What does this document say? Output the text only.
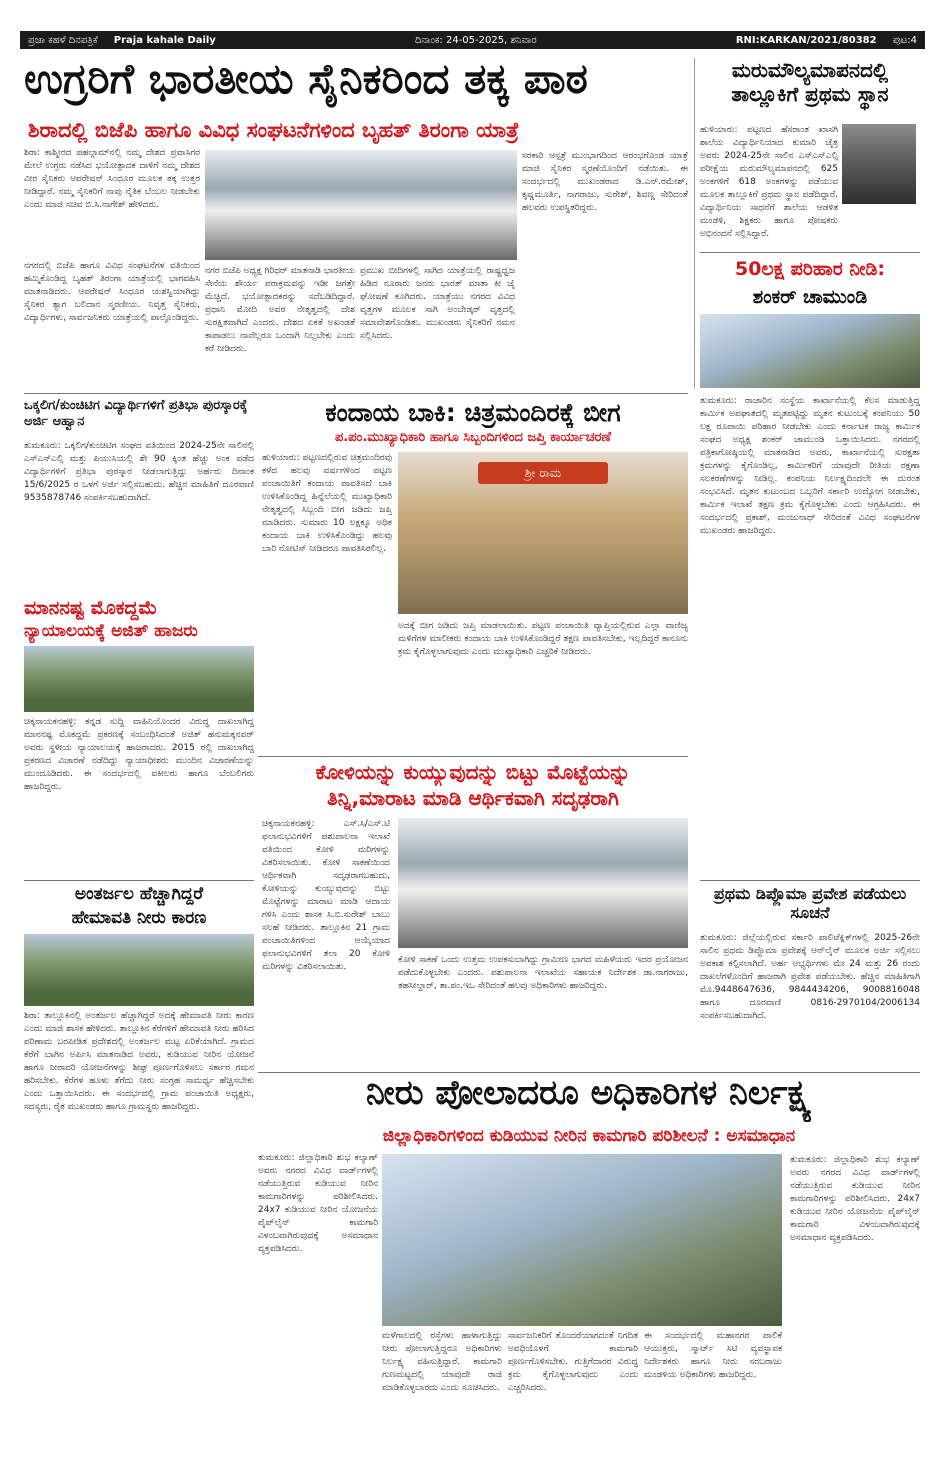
ಪ್ರಜಾ ಕಹಳೆ ದಿನಪತ್ರಿಕೆ	Praja kahale Daily	ದಿನಾಂಕ: 24-05-2025, ಶನಿವಾರ	RNI:KARKAN/2021/80382	ಪುಟ:4
ಉಗ್ರರಿಗೆ ಭಾರತೀಯ ಸೈನಿಕರಿಂದ ತಕ್ಕ ಪಾಠ
ಶಿರಾದಲ್ಲಿ ಬಿಜೆಪಿ ಹಾಗೂ ವಿವಿಧ ಸಂಘಟನೆಗಳಿಂದ ಬೃಹತ್ ತಿರಂಗಾ ಯಾತ್ರೆ
ಶಿರಾ: ಕಾಶ್ಮೀರದ ಪಹಲ್ಗಾಮ್‌ನಲ್ಲಿ ನಮ್ಮ ದೇಶದ ಪ್ರವಾಸಿಗರ ಮೇಲೆ ಉಗ್ರರು ನಡೆಸಿದ ಭಯೋತ್ಪಾದಕ ದಾಳಿಗೆ ನಮ್ಮ ದೇಶದ ವೀರ ಸೈನಿಕರು ಆಪರೇಷನ್ ಸಿಂಧೂರ ಮೂಲಕ ತಕ್ಕ ಉತ್ತರ ನೀಡಿದ್ದಾರೆ. ನಮ್ಮ ಸೈನಿಕರಿಗೆ ನಾವು ನೈತಿಕ ಬೆಂಬಲ ನೀಡಬೇಕು ಎಂದು ಮಾಜಿ ಸಚಿವ ಬಿ.ಸಿ.ನಾಗೇಶ್ ಹೇಳಿದರು.
ನಗರದಲ್ಲಿ ಬಿಜೆಪಿ ಹಾಗೂ ವಿವಿಧ ಸಂಘಟನೆಗಳ ವತಿಯಿಂದ ಹಮ್ಮಿಕೊಂಡಿದ್ದ ಬೃಹತ್ ತಿರಂಗಾ ಯಾತ್ರೆಯಲ್ಲಿ ಭಾಗವಹಿಸಿ ಮಾತನಾಡಿದರು. ಆಪರೇಷನ್ ಸಿಂಧೂರ ಯಶಸ್ವಿಯಾಗಿದ್ದು ಸೈನಿಕರ ತ್ಯಾಗ ಬಲಿದಾನ ಸ್ಮರಣೀಯ. ನಿವೃತ್ತ ಸೈನಿಕರು, ವಿದ್ಯಾರ್ಥಿಗಳು, ಸಾರ್ವಜನಿಕರು ಯಾತ್ರೆಯಲ್ಲಿ ಪಾಲ್ಗೊಂಡಿದ್ದರು.
ನಗರ ಬಿಜೆಪಿ ಅಧ್ಯಕ್ಷ ಗಿರಿಧರ್ ಮಾತನಾಡಿ ಭಾರತೀಯ ಸೇನೆಯ ಶೌರ್ಯ ಪರಾಕ್ರಮವನ್ನು ಇಡೀ ಜಗತ್ತೇ ಮೆಚ್ಚಿದೆ. ಭಯೋತ್ಪಾದಕರನ್ನು ಸದೆಬಡಿದಿದ್ದಾರೆ. ಪ್ರಧಾನಿ ಮೋದಿ ಅವರ ನೇತೃತ್ವದಲ್ಲಿ ದೇಶ ಸುರಕ್ಷಿತವಾಗಿದೆ ಎಂದರು. ದೇಶದ ಏಕತೆ ಅಖಂಡತೆ ಕಾಪಾಡಲು ನಾವೆಲ್ಲರೂ ಒಂದಾಗಿ ನಿಲ್ಲಬೇಕು ಎಂದು ಕರೆ ನೀಡಿದರು.
ಪ್ರಮುಖ ಬೀದಿಗಳಲ್ಲಿ ಸಾಗಿದ ಯಾತ್ರೆಯಲ್ಲಿ ರಾಷ್ಟ್ರಧ್ವಜ ಹಿಡಿದ ನೂರಾರು ಜನರು ಭಾರತ್ ಮಾತಾ ಕೀ ಜೈ ಘೋಷಣೆ ಕೂಗಿದರು. ಯಾತ್ರೆಯು ನಗರದ ವಿವಿಧ ವೃತ್ತಗಳ ಮೂಲಕ ಸಾಗಿ ಅಂಬೇಡ್ಕರ್ ವೃತ್ತದಲ್ಲಿ ಸಮಾವೇಶಗೊಂಡಿತು. ಮುಖಂಡರು ಸೈನಿಕರಿಗೆ ನಮನ ಸಲ್ಲಿಸಿದರು.
ಸರಕಾರಿ ಆಸ್ಪತ್ರೆ ಮುಂಭಾಗದಿಂದ ಆರಂಭಗೊಂಡ ಯಾತ್ರೆ ಮಾಜಿ ಸೈನಿಕರ ಸ್ಮರಣೆಯೊಂದಿಗೆ ನಡೆಯಿತು. ಈ ಸಂದರ್ಭದಲ್ಲಿ ಮುಖಂಡರಾದ ಡಿ.ಎನ್.ರಮೇಶ್, ಕೃಷ್ಣಮೂರ್ತಿ, ನಾಗರಾಜು, ಸುರೇಶ್, ಶಿವಣ್ಣ ಸೇರಿದಂತೆ ಹಲವರು ಉಪಸ್ಥಿತರಿದ್ದರು.
ಮರುಮೌಲ್ಯಮಾಪನದಲ್ಲಿ ತಾಲ್ಲೂಕಿಗೆ ಪ್ರಥಮ ಸ್ಥಾನ
ಹುಳಿಯಾರು: ಪಟ್ಟಣದ ಹೆಸರಾಂತ ಖಾಸಗಿ ಶಾಲೆಯ ವಿದ್ಯಾರ್ಥಿನಿಯಾದ ಕುಮಾರಿ ಚೈತ್ರ ಅವರು 2024-25ನೇ ಸಾಲಿನ ಎಸ್ಎಸ್ಎಲ್ಸಿ ಪರೀಕ್ಷೆಯ ಮರುಮೌಲ್ಯಮಾಪನದಲ್ಲಿ 625 ಅಂಕಗಳಿಗೆ 618 ಅಂಕಗಳನ್ನು ಪಡೆಯುವ ಮೂಲಕ ತಾಲ್ಲೂಕಿಗೆ ಪ್ರಥಮ ಸ್ಥಾನ ಪಡೆದಿದ್ದಾರೆ. ವಿದ್ಯಾರ್ಥಿನಿಯ ಸಾಧನೆಗೆ ಶಾಲೆಯ ಆಡಳಿತ ಮಂಡಳಿ, ಶಿಕ್ಷಕರು ಹಾಗೂ ಪೋಷಕರು ಅಭಿನಂದನೆ ಸಲ್ಲಿಸಿದ್ದಾರೆ.
50ಲಕ್ಷ ಪರಿಹಾರ ನೀಡಿ:
ಶಂಕರ್ ಚಾಮುಂಡಿ
ತುಮಕೂರು: ರಾಜಾರಿನ ಸಂಸ್ಥೆಯ ಕಾರ್ಖಾನೆಯಲ್ಲಿ ಕೆಲಸ ಮಾಡುತ್ತಿದ್ದ ಕಾರ್ಮಿಕ ಅಪಘಾತದಲ್ಲಿ ಮೃತಪಟ್ಟಿದ್ದು ಮೃತನ ಕುಟುಂಬಕ್ಕೆ ಕಂಪನಿಯು 50 ಲಕ್ಷ ರೂಪಾಯಿ ಪರಿಹಾರ ನೀಡಬೇಕು ಎಂದು ಕರ್ನಾಟಕ ರಾಜ್ಯ ಕಾರ್ಮಿಕ ಸಂಘದ ಅಧ್ಯಕ್ಷ ಶಂಕರ್ ಚಾಮುಂಡಿ ಒತ್ತಾಯಿಸಿದರು. ನಗರದಲ್ಲಿ ಪತ್ರಿಕಾಗೋಷ್ಠಿಯಲ್ಲಿ ಮಾತನಾಡಿದ ಅವರು, ಕಾರ್ಖಾನೆಯಲ್ಲಿ ಸುರಕ್ಷತಾ ಕ್ರಮಗಳನ್ನು ಕೈಗೊಂಡಿಲ್ಲ, ಕಾರ್ಮಿಕರಿಗೆ ಯಾವುದೇ ರೀತಿಯ ರಕ್ಷಣಾ ಸಲಕರಣೆಗಳನ್ನು ನೀಡಿಲ್ಲ. ಕಂಪನಿಯ ನಿರ್ಲಕ್ಷ್ಯದಿಂದಲೇ ಈ ದುರಂತ ಸಂಭವಿಸಿದೆ. ಮೃತನ ಕುಟುಂಬದ ಒಬ್ಬರಿಗೆ ಸರ್ಕಾರಿ ಉದ್ಯೋಗ ನೀಡಬೇಕು, ಕಾರ್ಮಿಕ ಇಲಾಖೆ ತಕ್ಷಣ ಕ್ರಮ ಕೈಗೊಳ್ಳಬೇಕು ಎಂದು ಆಗ್ರಹಿಸಿದರು. ಈ ಸಂದರ್ಭದಲ್ಲಿ ಪ್ರಕಾಶ್, ಮಂಜುನಾಥ್ ಸೇರಿದಂತೆ ವಿವಿಧ ಸಂಘಟನೆಗಳ ಮುಖಂಡರು ಹಾಜರಿದ್ದರು.
ಒಕ್ಕಲಿಗ/ಕುಂಚಿಟಿಗ ವಿದ್ಯಾರ್ಥಿಗಳಿಗೆ ಪ್ರತಿಭಾ ಪುರಸ್ಕಾರಕ್ಕೆ ಅರ್ಜಿ ಆಹ್ವಾನ
ತುಮಕೂರು: ಒಕ್ಕಲಿಗ/ಕುಂಚಿಟಿಗ ಸಂಘದ ವತಿಯಿಂದ 2024-25ನೇ ಸಾಲಿನಲ್ಲಿ ಎಸ್ಎಸ್ಎಲ್ಸಿ ಮತ್ತು ಪಿಯುಸಿಯಲ್ಲಿ ಶೇ 90 ಕ್ಕಿಂತ ಹೆಚ್ಚು ಅಂಕ ಪಡೆದ ವಿದ್ಯಾರ್ಥಿಗಳಿಗೆ ಪ್ರತಿಭಾ ಪುರಸ್ಕಾರ ನೀಡಲಾಗುತ್ತಿದ್ದು ಅರ್ಹರು ದಿನಾಂಕ 15/6/2025 ರ ಒಳಗೆ ಅರ್ಜಿ ಸಲ್ಲಿಸಬಹುದು. ಹೆಚ್ಚಿನ ಮಾಹಿತಿಗೆ ದೂರವಾಣಿ 9535878746 ಸಂಪರ್ಕಿಸಬಹುದಾಗಿದೆ.
ಮಾನನಷ್ಟ ಮೊಕದ್ದಮೆ
ನ್ಯಾಯಾಲಯಕ್ಕೆ ಅಜಿತ್ ಹಾಜರು
ಚಿಕ್ಕನಾಯಕನಹಳ್ಳಿ: ಕನ್ನಡ ಸುದ್ದಿ ವಾಹಿನಿಯೊಂದರ ವಿರುದ್ಧ ದಾಖಲಾಗಿದ್ದ ಮಾನನಷ್ಟ ಮೊಕದ್ದಮೆ ಪ್ರಕರಣಕ್ಕೆ ಸಂಬಂಧಿಸಿದಂತೆ ಅಜಿತ್ ಹನುಮಕ್ಕನವರ್ ಅವರು ಸ್ಥಳೀಯ ನ್ಯಾಯಾಲಯಕ್ಕೆ ಹಾಜರಾದರು. 2015 ರಲ್ಲಿ ದಾಖಲಾಗಿದ್ದ ಪ್ರಕರಣದ ವಿಚಾರಣೆ ನಡೆದಿದ್ದು ನ್ಯಾಯಾಧೀಶರು ಮುಂದಿನ ವಿಚಾರಣೆಯನ್ನು ಮುಂದೂಡಿದರು. ಈ ಸಂದರ್ಭದಲ್ಲಿ ವಕೀಲರು ಹಾಗೂ ಬೆಂಬಲಿಗರು ಹಾಜರಿದ್ದರು.
ಕಂದಾಯ ಬಾಕಿ: ಚಿತ್ರಮಂದಿರಕ್ಕೆ ಬೀಗ
ಪ.ಪಂ.ಮುಖ್ಯಾಧಿಕಾರಿ ಹಾಗೂ ಸಿಬ್ಬಂದಿಗಳಿಂದ ಜಪ್ತಿ ಕಾರ್ಯಾಚರಣೆ
ಹುಳಿಯಾರು: ಪಟ್ಟಣದಲ್ಲಿರುವ ಚಿತ್ರಮಂದಿರವು ಕಳೆದ ಹಲವು ವರ್ಷಗಳಿಂದ ಪಟ್ಟಣ ಪಂಚಾಯಿತಿಗೆ ಕಂದಾಯ ಪಾವತಿಸದೆ ಬಾಕಿ ಉಳಿಸಿಕೊಂಡಿದ್ದ ಹಿನ್ನೆಲೆಯಲ್ಲಿ ಮುಖ್ಯಾಧಿಕಾರಿ ನೇತೃತ್ವದಲ್ಲಿ ಸಿಬ್ಬಂದಿ ಬೀಗ ಜಡಿದು ಜಪ್ತಿ ಮಾಡಿದರು. ಸುಮಾರು 10 ಲಕ್ಷಕ್ಕೂ ಅಧಿಕ ಕಂದಾಯ ಬಾಕಿ ಉಳಿಸಿಕೊಂಡಿದ್ದು ಹಲವು ಬಾರಿ ನೋಟಿಸ್ ನೀಡಿದರೂ ಪಾವತಿಸಿರಲಿಲ್ಲ.
ಶ್ರೀ ರಾಮ
ಅದಕ್ಕೆ ಬೀಗ ಜಡಿದು ಜಪ್ತಿ ಮಾಡಲಾಯಿತು. ಪಟ್ಟಣ ಪಂಚಾಯಿತಿ ವ್ಯಾಪ್ತಿಯಲ್ಲಿರುವ ಎಲ್ಲಾ ವಾಣಿಜ್ಯ ಮಳಿಗೆಗಳ ಮಾಲೀಕರು ಕಂದಾಯ ಬಾಕಿ ಉಳಿಸಿಕೊಂಡಿದ್ದರೆ ತಕ್ಷಣ ಪಾವತಿಸಬೇಕು, ಇಲ್ಲದಿದ್ದರೆ ಕಾನೂನು ಕ್ರಮ ಕೈಗೊಳ್ಳಲಾಗುವುದು ಎಂದು ಮುಖ್ಯಾಧಿಕಾರಿ ಎಚ್ಚರಿಕೆ ನೀಡಿದರು.
ಕೋಳಿಯನ್ನು ಕುಯ್ಯುವುದನ್ನು ಬಿಟ್ಟು ಮೊಟ್ಟೆಯನ್ನು
ತಿನ್ನಿ,ಮಾರಾಟ ಮಾಡಿ ಆರ್ಥಿಕವಾಗಿ ಸದೃಢರಾಗಿ
ಚಿಕ್ಕನಾಯಕನಹಳ್ಳಿ: ಎಸ್.ಸಿ/ಎಸ್.ಟಿ ಫಲಾನುಭವಿಗಳಿಗೆ ಪಶುಪಾಲನಾ ಇಲಾಖೆ ವತಿಯಿಂದ ಕೋಳಿ ಮರಿಗಳನ್ನು ವಿತರಿಸಲಾಯಿತು. ಕೋಳಿ ಸಾಕಣೆಯಿಂದ ಆರ್ಥಿಕವಾಗಿ ಸದೃಢರಾಗಬಹುದು, ಕೋಳಿಯನ್ನು ಕುಯ್ಯುವುದನ್ನು ಬಿಟ್ಟು ಮೊಟ್ಟೆಗಳನ್ನು ಮಾರಾಟ ಮಾಡಿ ಆದಾಯ ಗಳಿಸಿ ಎಂದು ಶಾಸಕ ಸಿ.ಬಿ.ಸುರೇಶ್ ಬಾಬು ಸಲಹೆ ನೀಡಿದರು. ತಾಲ್ಲೂಕಿನ 21 ಗ್ರಾಮ ಪಂಚಾಯಿತಿಗಳಿಂದ ಆಯ್ಕೆಯಾದ ಫಲಾನುಭವಿಗಳಿಗೆ ತಲಾ 20 ಕೋಳಿ ಮರಿಗಳನ್ನು ವಿತರಿಸಲಾಯಿತು.
ಕೋಳಿ ಸಾಕಣೆ ಒಂದು ಉತ್ತಮ ಉಪಕಸುಬಾಗಿದ್ದು ಗ್ರಾಮೀಣ ಭಾಗದ ಮಹಿಳೆಯರು ಇದರ ಪ್ರಯೋಜನ ಪಡೆದುಕೊಳ್ಳಬೇಕು ಎಂದರು. ಪಶುಪಾಲನಾ ಇಲಾಖೆಯ ಸಹಾಯಕ ನಿರ್ದೇಶಕ ಡಾ.ನಾಗರಾಜು, ತಹಸೀಲ್ದಾರ್, ತಾ.ಪಂ.ಇಒ ಸೇರಿದಂತೆ ಹಲವು ಅಧಿಕಾರಿಗಳು ಹಾಜರಿದ್ದರು.
ಪ್ರಥಮ ಡಿಪ್ಲೊಮಾ ಪ್ರವೇಶ ಪಡೆಯಲು ಸೂಚನೆ
ತುಮಕೂರು: ಜಿಲ್ಲೆಯಲ್ಲಿರುವ ಸರ್ಕಾರಿ ಪಾಲಿಟೆಕ್ನಿಕ್‌ಗಳಲ್ಲಿ 2025-26ನೇ ಸಾಲಿನ ಪ್ರಥಮ ಡಿಪ್ಲೊಮಾ ಪ್ರವೇಶಕ್ಕೆ ಆನ್‌ಲೈನ್ ಮೂಲಕ ಅರ್ಜಿ ಸಲ್ಲಿಸಲು ಅವಕಾಶ ಕಲ್ಪಿಸಲಾಗಿದೆ. ಅರ್ಹ ಅಭ್ಯರ್ಥಿಗಳು ಮೇ 24 ಮತ್ತು 26 ರಂದು ದಾಖಲೆಗಳೊಂದಿಗೆ ಹಾಜರಾಗಿ ಪ್ರವೇಶ ಪಡೆಯಬೇಕು. ಹೆಚ್ಚಿನ ಮಾಹಿತಿಗಾಗಿ ಮೊ.9448647636, 9844434206, 9008816048 ಹಾಗೂ ದೂರವಾಣಿ 0816-2970104/2006134 ಸಂಪರ್ಕಿಸಬಹುದಾಗಿದೆ.
ಅಂತರ್ಜಲ ಹೆಚ್ಚಾಗಿದ್ದರೆ
ಹೇಮಾವತಿ ನೀರು ಕಾರಣ
ಶಿರಾ: ತಾಲ್ಲೂಕಿನಲ್ಲಿ ಅಂತರ್ಜಲ ಹೆಚ್ಚಾಗಿದ್ದರೆ ಅದಕ್ಕೆ ಹೇಮಾವತಿ ನೀರು ಕಾರಣ ಎಂದು ಮಾಜಿ ಶಾಸಕ ಹೇಳಿದರು. ತಾಲ್ಲೂಕಿನ ಕೆರೆಗಳಿಗೆ ಹೇಮಾವತಿ ನೀರು ಹರಿಸಿದ ಪರಿಣಾಮ ಬರಪೀಡಿತ ಪ್ರದೇಶದಲ್ಲಿ ಅಂತರ್ಜಲ ಮಟ್ಟ ಏರಿಕೆಯಾಗಿದೆ. ಗ್ರಾಮದ ಕೆರೆಗೆ ಬಾಗಿನ ಅರ್ಪಿಸಿ ಮಾತನಾಡಿದ ಅವರು, ಕುಡಿಯುವ ನೀರಿನ ಯೋಜನೆ ಹಾಗೂ ನೀರಾವರಿ ಯೋಜನೆಗಳನ್ನು ಶೀಘ್ರ ಪೂರ್ಣಗೊಳಿಸಲು ಸರ್ಕಾರ ಗಮನ ಹರಿಸಬೇಕು. ಕೆರೆಗಳ ಹೂಳು ತೆಗೆದು ನೀರು ಸಂಗ್ರಹ ಸಾಮರ್ಥ್ಯ ಹೆಚ್ಚಿಸಬೇಕು ಎಂದು ಒತ್ತಾಯಿಸಿದರು. ಈ ಸಂದರ್ಭದಲ್ಲಿ ಗ್ರಾಮ ಪಂಚಾಯಿತಿ ಅಧ್ಯಕ್ಷರು, ಸದಸ್ಯರು, ರೈತ ಮುಖಂಡರು ಹಾಗೂ ಗ್ರಾಮಸ್ಥರು ಹಾಜರಿದ್ದರು.	ನೀರು ಪೋಲಾದರೂ ಅಧಿಕಾರಿಗಳ ನಿರ್ಲಕ್ಷ್ಯ
ಜಿಲ್ಲಾಧಿಕಾರಿಗಳಿಂದ ಕುಡಿಯುವ ನೀರಿನ ಕಾಮಗಾರಿ ಪರಿಶೀಲನೆ : ಅಸಮಾಧಾನ
ತುಮಕೂರು: ಜಿಲ್ಲಾಧಿಕಾರಿ ಶುಭ ಕಲ್ಯಾಣ್ ಅವರು ನಗರದ ವಿವಿಧ ವಾರ್ಡ್‌ಗಳಲ್ಲಿ ನಡೆಯುತ್ತಿರುವ ಕುಡಿಯುವ ನೀರಿನ ಕಾಮಗಾರಿಗಳನ್ನು ಪರಿಶೀಲಿಸಿದರು. 24x7 ಕುಡಿಯುವ ನೀರಿನ ಯೋಜನೆಯ ಪೈಪ್‌ಲೈನ್ ಕಾಮಗಾರಿ ವಿಳಂಬವಾಗಿರುವುದಕ್ಕೆ ಅಸಮಾಧಾನ ವ್ಯಕ್ತಪಡಿಸಿದರು.
ಮಳೆಗಾಲದಲ್ಲಿ ರಸ್ತೆಗಳು ಹಾಳಾಗುತ್ತಿದ್ದು ನೀರು ಪೋಲಾಗುತ್ತಿದ್ದರೂ ಅಧಿಕಾರಿಗಳು ನಿರ್ಲಕ್ಷ್ಯ ವಹಿಸುತ್ತಿದ್ದಾರೆ. ಕಾಮಗಾರಿ ಗುಣಮಟ್ಟದಲ್ಲಿ ಯಾವುದೇ ರಾಜಿ ಮಾಡಿಕೊಳ್ಳಬಾರದು ಎಂದು ಸೂಚಿಸಿದರು.
ಸಾರ್ವಜನಿಕರಿಗೆ ತೊಂದರೆಯಾಗದಂತೆ ನಿಗದಿತ ಅವಧಿಯೊಳಗೆ ಕಾಮಗಾರಿ ಪೂರ್ಣಗೊಳಿಸಬೇಕು. ಗುತ್ತಿಗೆದಾರರ ವಿರುದ್ಧ ಕ್ರಮ ಕೈಗೊಳ್ಳಲಾಗುವುದು ಎಂದು ಎಚ್ಚರಿಸಿದರು.
ಈ ಸಂದರ್ಭದಲ್ಲಿ ಮಹಾನಗರ ಪಾಲಿಕೆ ಆಯುಕ್ತರು, ಸ್ಮಾರ್ಟ್ ಸಿಟಿ ವ್ಯವಸ್ಥಾಪಕ ನಿರ್ದೇಶಕರು ಹಾಗೂ ನೀರು ಸರಬರಾಜು ಮಂಡಳಿಯ ಅಧಿಕಾರಿಗಳು ಹಾಜರಿದ್ದರು.
ತುಮಕೂರು: ಜಿಲ್ಲಾಧಿಕಾರಿ ಶುಭ ಕಲ್ಯಾಣ್ ಅವರು ನಗರದ ವಿವಿಧ ವಾರ್ಡ್‌ಗಳಲ್ಲಿ ನಡೆಯುತ್ತಿರುವ ಕುಡಿಯುವ ನೀರಿನ ಕಾಮಗಾರಿಗಳನ್ನು ಪರಿಶೀಲಿಸಿದರು. 24x7 ಕುಡಿಯುವ ನೀರಿನ ಯೋಜನೆಯ ಪೈಪ್‌ಲೈನ್ ಕಾಮಗಾರಿ ವಿಳಂಬವಾಗಿರುವುದಕ್ಕೆ ಅಸಮಾಧಾನ ವ್ಯಕ್ತಪಡಿಸಿದರು.
